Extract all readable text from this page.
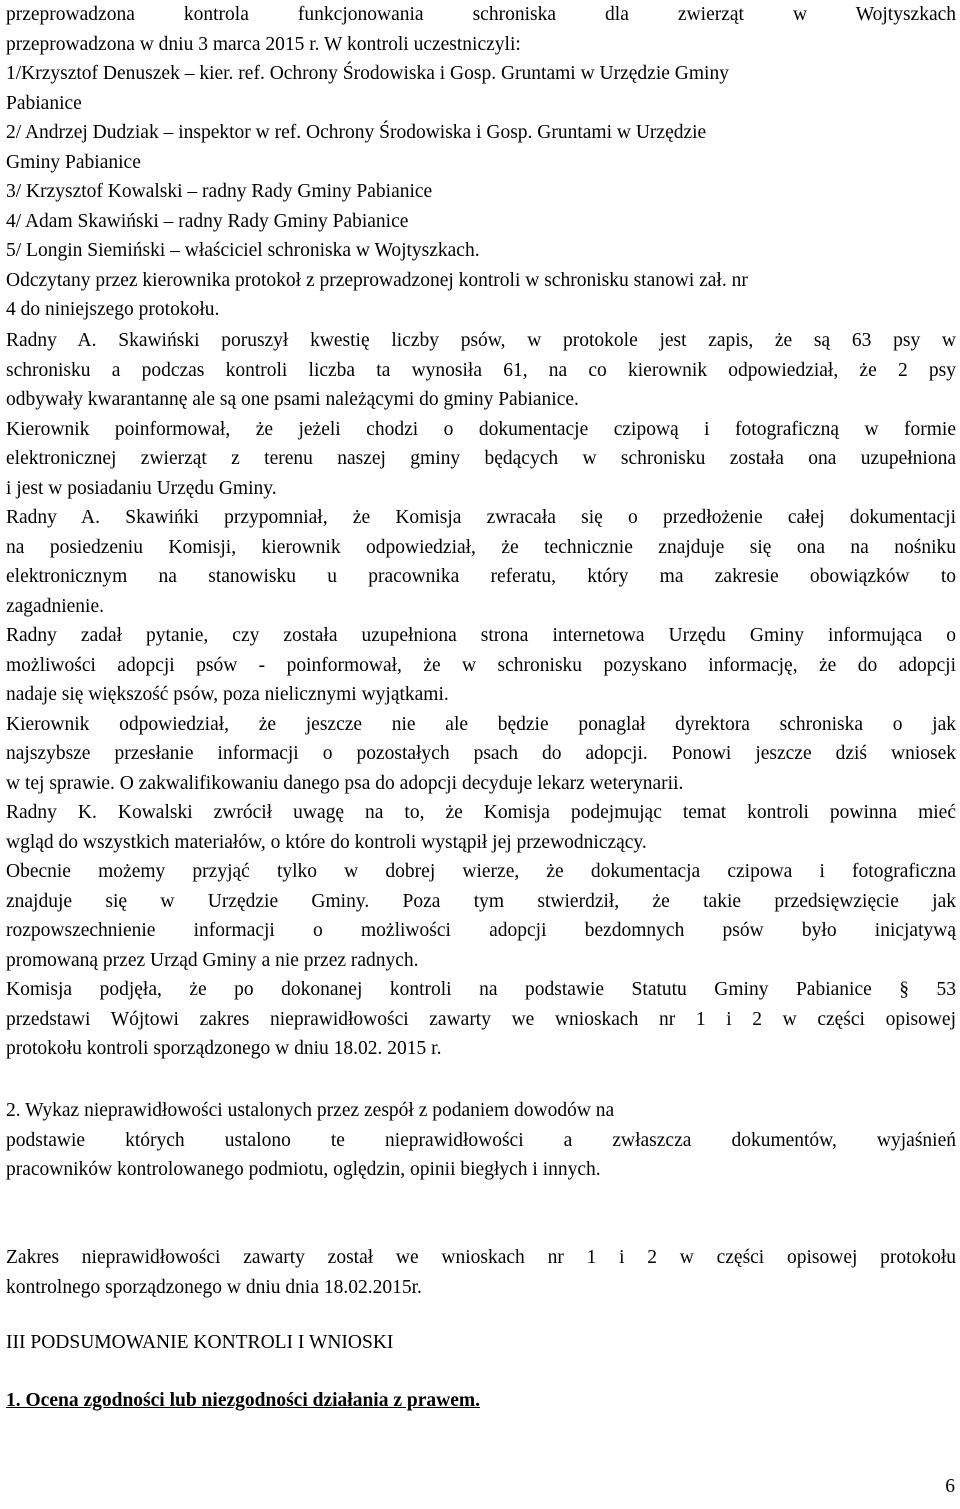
przeprowadzona kontrola funkcjonowania schroniska dla zwierząt w Wojtyszkach
przeprowadzona w dniu 3 marca 2015 r. W kontroli uczestniczyli:
1/Krzysztof Denuszek – kier. ref. Ochrony Środowiska i Gosp. Gruntami w Urzędzie Gminy
Pabianice
2/ Andrzej Dudziak – inspektor w ref. Ochrony Środowiska i Gosp. Gruntami w Urzędzie
Gminy Pabianice
3/ Krzysztof Kowalski – radny Rady Gminy Pabianice
4/ Adam Skawiński – radny Rady Gminy Pabianice
5/ Longin Siemiński – właściciel schroniska w Wojtyszkach.
Odczytany przez kierownika protokoł z przeprowadzonej kontroli w schronisku stanowi zał. nr
4 do niniejszego protokołu.

Radny A. Skawiński poruszył kwestię liczby psów, w protokole jest zapis, że są 63 psy w
schronisku a podczas kontroli liczba ta wynosiła 61, na co kierownik odpowiedział, że 2 psy
odbywały kwarantannę ale są one psami należącymi do gminy Pabianice.

Kierownik poinformował, że jeżeli chodzi o dokumentacje czipową i fotograficzną w formie
elektronicznej zwierząt z terenu naszej gminy będących w schronisku została ona uzupełniona
i jest w posiadaniu Urzędu Gminy.

Radny A. Skawińki przypomniał, że Komisja zwracała się o przedłożenie całej dokumentacji
na posiedzeniu Komisji, kierownik odpowiedział, że technicznie znajduje się ona na nośniku
elektronicznym na stanowisku u pracownika referatu, który ma zakresie obowiązków to
zagadnienie.

Radny zadał pytanie, czy została uzupełniona strona internetowa Urzędu Gminy informująca o
możliwości adopcji psów - poinformował, że w schronisku pozyskano informację, że do adopcji
nadaje się większość psów, poza nielicznymi wyjątkami.

Kierownik odpowiedział, że jeszcze nie ale będzie ponaglał dyrektora schroniska o jak
najszybsze przesłanie informacji o pozostałych psach do adopcji. Ponowi jeszcze dziś wniosek
w tej sprawie. O zakwalifikowaniu danego psa do adopcji decyduje lekarz weterynarii.

Radny K. Kowalski zwrócił uwagę na to, że Komisja podejmując temat kontroli powinna mieć
wgląd do wszystkich materiałów, o które do kontroli wystąpił jej przewodniczący.

Obecnie możemy przyjąć tylko w dobrej wierze, że dokumentacja czipowa i fotograficzna
znajduje się w Urzędzie Gminy. Poza tym stwierdził, że takie przedsięwzięcie jak
rozpowszechnienie informacji o możliwości adopcji bezdomnych psów było inicjatywą
promowaną przez Urząd Gminy a nie przez radnych.

Komisja podjęła, że po dokonanej kontroli na podstawie Statutu Gminy Pabianice § 53
przedstawi Wójtowi zakres nieprawidłowości zawarty we wnioskach nr 1 i 2 w części opisowej
protokołu kontroli sporządzonego w dniu 18.02. 2015 r.

2. Wykaz nieprawidłowości ustalonych przez zespół z podaniem dowodów na
podstawie których ustalono te nieprawidłowości a zwłaszcza dokumentów, wyjaśnień
pracowników kontrolowanego podmiotu, oględzin, opinii biegłych i innych.
Zakres nieprawidłowości zawarty został we wnioskach nr 1 i 2 w części opisowej protokołu
kontrolnego sporządzonego w dniu dnia 18.02.2015r.
III PODSUMOWANIE KONTROLI I WNIOSKI
1. Ocena zgodności lub niezgodności działania z prawem.
6
